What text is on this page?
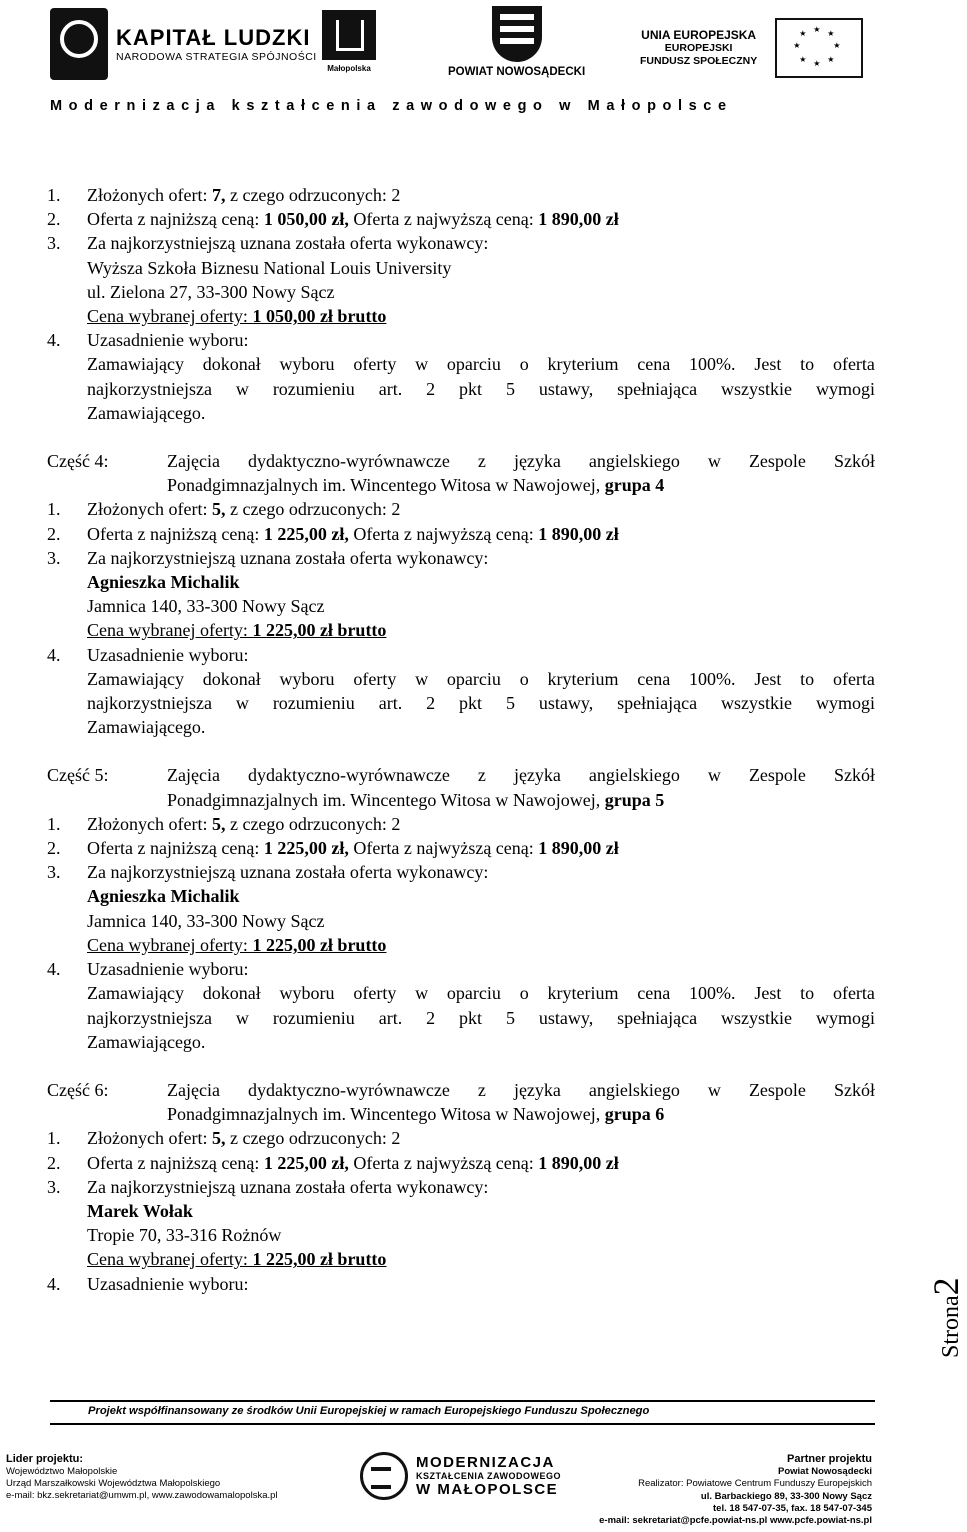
KAPITAŁ LUDZKI
NARODOWA STRATEGIA SPÓJNOŚCI
Małopolska	POWIAT NOWOSĄDECKI
UNIA EUROPEJSKA
EUROPEJSKI
FUNDUSZ SPOŁECZNY
★ ★
★
★
★
★
★
★
Modernizacja kształcenia zawodowego w Małopolsce
1. Złożonych ofert: 7, z czego odrzuconych: 2
2. Oferta z najniższą ceną: 1 050,00 zł, Oferta z najwyższą ceną: 1 890,00 zł
3. Za najkorzystniejszą uznana została oferta wykonawcy:
Wyższa Szkoła Biznesu National Louis University
ul. Zielona 27, 33-300 Nowy Sącz
Cena wybranej oferty: 1 050,00 zł brutto
4. Uzasadnienie wyboru:
Zamawiający dokonał wyboru oferty w oparciu o kryterium cena 100%. Jest to oferta
najkorzystniejsza w rozumieniu art. 2 pkt 5 ustawy, spełniająca wszystkie wymogi
Zamawiającego.
Część 4:	Zajęcia dydaktyczno-wyrównawcze z języka angielskiego w Zespole Szkół
Ponadgimnazjalnych im. Wincentego Witosa w Nawojowej, grupa 4
1. Złożonych ofert: 5, z czego odrzuconych: 2
2. Oferta z najniższą ceną: 1 225,00 zł, Oferta z najwyższą ceną: 1 890,00 zł
3. Za najkorzystniejszą uznana została oferta wykonawcy:
Agnieszka Michalik
Jamnica 140, 33-300 Nowy Sącz
Cena wybranej oferty: 1 225,00 zł brutto
4. Uzasadnienie wyboru:
Zamawiający dokonał wyboru oferty w oparciu o kryterium cena 100%. Jest to oferta
najkorzystniejsza w rozumieniu art. 2 pkt 5 ustawy, spełniająca wszystkie wymogi
Zamawiającego.
Część 5:	Zajęcia dydaktyczno-wyrównawcze z języka angielskiego w Zespole Szkół
Ponadgimnazjalnych im. Wincentego Witosa w Nawojowej, grupa 5
1. Złożonych ofert: 5, z czego odrzuconych: 2
2. Oferta z najniższą ceną: 1 225,00 zł, Oferta z najwyższą ceną: 1 890,00 zł
3. Za najkorzystniejszą uznana została oferta wykonawcy:
Agnieszka Michalik
Jamnica 140, 33-300 Nowy Sącz
Cena wybranej oferty: 1 225,00 zł brutto
4. Uzasadnienie wyboru:
Zamawiający dokonał wyboru oferty w oparciu o kryterium cena 100%. Jest to oferta
najkorzystniejsza w rozumieniu art. 2 pkt 5 ustawy, spełniająca wszystkie wymogi
Zamawiającego.
Część 6:	Zajęcia dydaktyczno-wyrównawcze z języka angielskiego w Zespole Szkół
Ponadgimnazjalnych im. Wincentego Witosa w Nawojowej, grupa 6
1. Złożonych ofert: 5, z czego odrzuconych: 2
2. Oferta z najniższą ceną: 1 225,00 zł, Oferta z najwyższą ceną: 1 890,00 zł
3. Za najkorzystniejszą uznana została oferta wykonawcy:
Marek Wołak
Tropie 70, 33-316 Rożnów
Cena wybranej oferty: 1 225,00 zł brutto
4. Uzasadnienie wyboru:
Strona2
Projekt współfinansowany ze środków Unii Europejskiej w ramach Europejskiego Funduszu Społecznego
Lider projektu:
Województwo Małopolskie
Urząd Marszałkowski Województwa Małopolskiego
e-mail: bkz.sekretariat@umwm.pl, www.zawodowamalopolska.pl
MODERNIZACJA
KSZTAŁCENIA ZAWODOWEGO
W MAŁOPOLSCE
Partner projektu
Powiat Nowosądecki
Realizator: Powiatowe Centrum Funduszy Europejskich
ul. Barbackiego 89, 33-300 Nowy Sącz
tel. 18 547-07-35, fax. 18 547-07-345
e-mail: sekretariat@pcfe.powiat-ns.pl www.pcfe.powiat-ns.pl
